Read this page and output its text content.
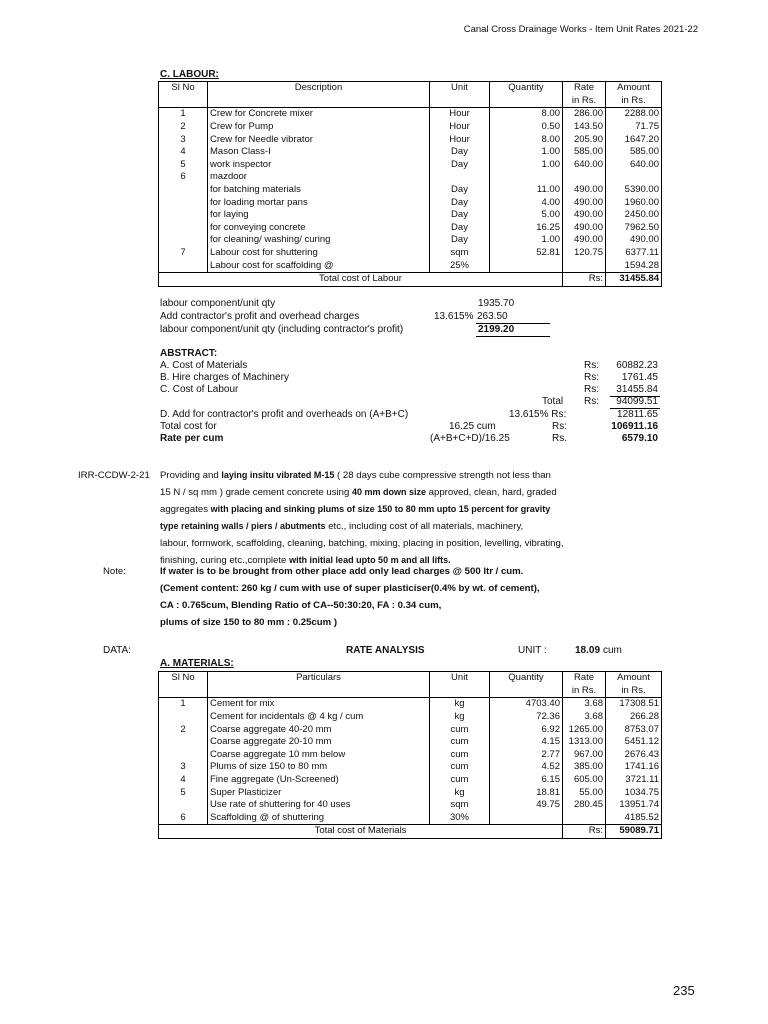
Canal Cross Drainage Works - Item Unit Rates 2021-22
C. LABOUR:
Sl No	Description	Unit	Quantity	Rate	Amount
				in Rs.	in Rs.
1	Crew for Concrete mixer	Hour	8.00	286.00	2288.00
2	Crew for Pump	Hour	0.50	143.50	71.75
3	Crew for Needle vibrator	Hour	8.00	205.90	1647.20
4	Mason Class-I	Day	1.00	585.00	585.00
5	work inspector	Day	1.00	640.00	640.00
6	mazdoor				
	for batching materials	Day	11.00	490.00	5390.00
	for loading mortar pans	Day	4.00	490.00	1960.00
	for laying	Day	5.00	490.00	2450.00
	for conveying concrete	Day	16.25	490.00	7962.50
	for cleaning/ washing/ curing	Day	1.00	490.00	490.00
7	Labour cost for shuttering	sqm	52.81	120.75	6377.11
	Labour cost for scaffolding @	25%			1594.28
Total cost of Labour				Rs:	31455.84
labour component/unit qty	1935.70
Add contractor's profit and overhead charges	13.615% 263.50
labour component/unit qty (including contractor's profit)	2199.20
ABSTRACT:
A. Cost of Materials	Rs: 60882.23
B. Hire charges of Machinery	Rs: 1761.45
C. Cost of Labour	Rs: 31455.84
Total Rs: 94099.51
D. Add for contractor's profit and overheads on (A+B+C)	13.615% Rs:	12811.65
Total cost for	16.25 cum	Rs:	106911.16
Rate per cum	(A+B+C+D)/16.25	Rs.	6579.10
IRR-CCDW-2-21 Providing and laying insitu vibrated M-15 ( 28 days cube compressive strength not less than
15 N / sq mm ) grade cement concrete using 40 mm down size approved, clean, hard, graded
aggregates with placing and sinking plums of size 150 to 80 mm upto 15 percent for gravity
type retaining walls / piers / abutments etc., including cost of all materials, machinery,
labour, formwork, scaffolding, cleaning, batching, mixing, placing in position, levelling, vibrating,
finishing, curing etc.,complete with initial lead upto 50 m and all lifts.
Note:	If water is to be brought from other place add only lead charges @ 500 ltr / cum.
(Cement content: 260 kg / cum with use of super plasticiser(0.4% by wt. of cement),
CA : 0.765cum, Blending Ratio of CA--50:30:20, FA : 0.34 cum,
plums of size 150 to 80 mm : 0.25cum )
DATA:	RATE ANALYSIS	UNIT :	18.09 cum
A. MATERIALS:
Sl No	Particulars	Unit	Quantity	Rate	Amount
				in Rs.	in Rs.
1	Cement for mix	kg	4703.40	3.68	17308.51
	Cement for incidentals @ 4 kg / cum	kg	72.36	3.68	266.28
2	Coarse aggregate 40-20 mm	cum	6.92	1265.00	8753.07
	Coarse aggregate 20-10 mm	cum	4.15	1313.00	5451.12
	Coarse aggregate 10 mm below	cum	2.77	967.00	2676.43
3	Plums of size 150 to 80 mm	cum	4.52	385.00	1741.16
4	Fine aggregate (Un-Screened)	cum	6.15	605.00	3721.11
5	Super Plasticizer	kg	18.81	55.00	1034.75
	Use rate of shuttering for 40 uses	sqm	49.75	280.45	13951.74
6	Scaffolding @ of shuttering	30%			4185.52
Total cost of Materials				Rs:	59089.71
235
